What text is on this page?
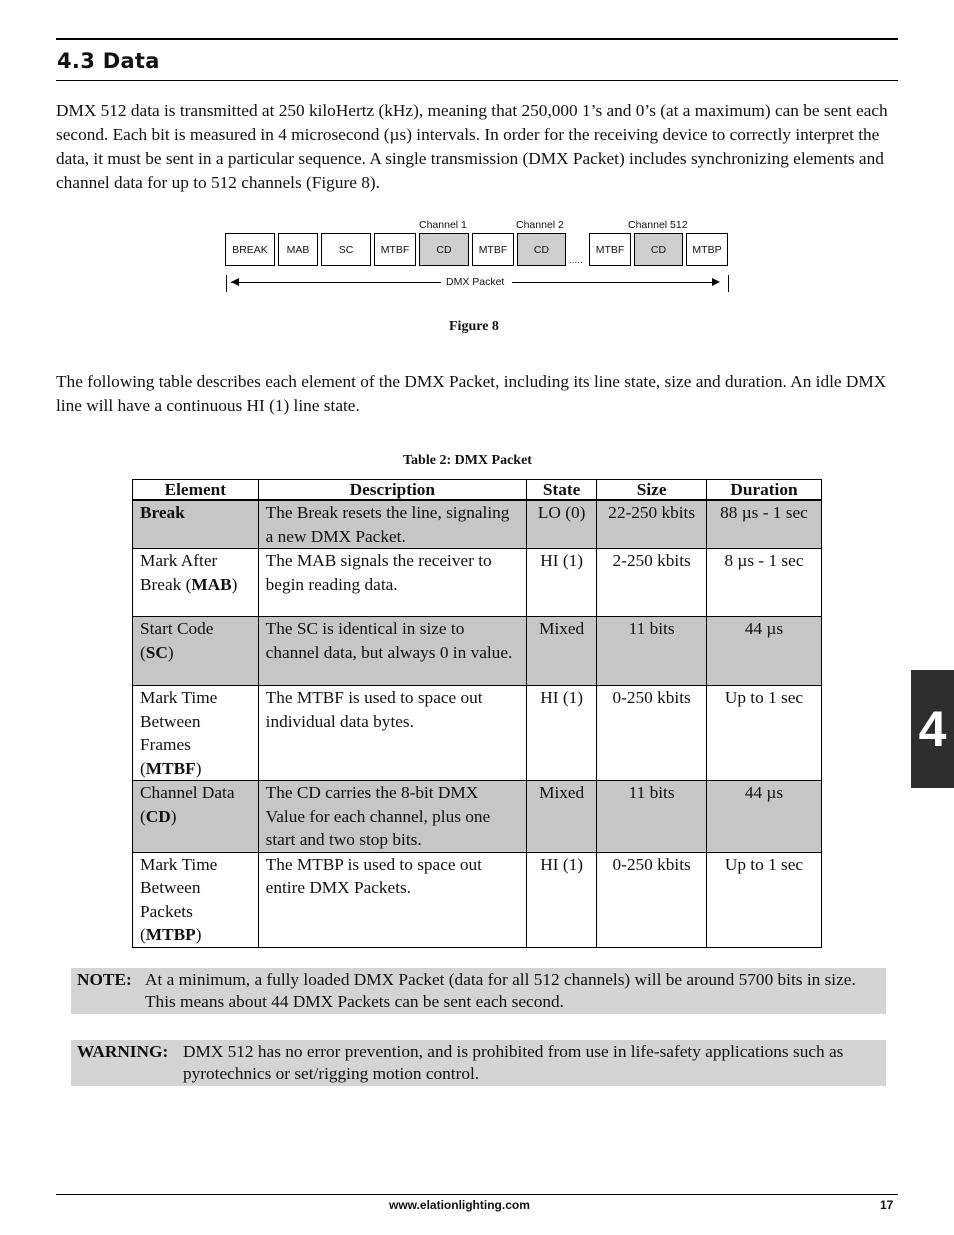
4.3 Data

DMX 512 data is transmitted at 250 kiloHertz (kHz), meaning that 250,000 1’s and 0’s (at a maximum) can be sent each second. Each bit is measured in 4 microsecond (µs) intervals. In order for the receiving device to correctly interpret the data, it must be sent in a particular sequence. A single transmission (DMX Packet) includes synchronizing elements and channel data for up to 512 channels (Figure 8).

Channel 1	Channel 2	Channel 512
BREAK	MAB	SC	MTBF	CD	MTBF	CD
.....
MTBF	CD	MTBP
DMX Packet
Figure 8

The following table describes each element of the DMX Packet, including its line state, size and duration. An idle DMX line will have a continuous HI (1) line state.

Table 2: DMX Packet
Element	Description	State	Size	Duration
Break	The Break resets the line, signaling a new DMX Packet.	LO (0)	22-250 kbits	88 µs - 1 sec
Mark After Break (MAB)	The MAB signals the receiver to begin reading data.	HI (1)	2-250 kbits	8 µs - 1 sec
Start Code (SC)	The SC is identical in size to channel data, but always 0 in value.	Mixed	11 bits	44 µs
Mark Time Between Frames (MTBF)	The MTBF is used to space out individual data bytes.	HI (1)	0-250 kbits	Up to 1 sec
Channel Data (CD)	The CD carries the 8-bit DMX Value for each channel, plus one start and two stop bits.	Mixed	11 bits	44 µs
Mark Time Between Packets (MTBP)	The MTBP is used to space out entire DMX Packets.	HI (1)	0-250 kbits	Up to 1 sec
NOTE: At a minimum, a fully loaded DMX Packet (data for all 512 channels) will be around 5700 bits in size. This means about 44 DMX Packets can be sent each second.
WARNING: DMX 512 has no error prevention, and is prohibited from use in life-safety applications such as pyrotechnics or set/rigging motion control.
4
www.elationlighting.com	17
